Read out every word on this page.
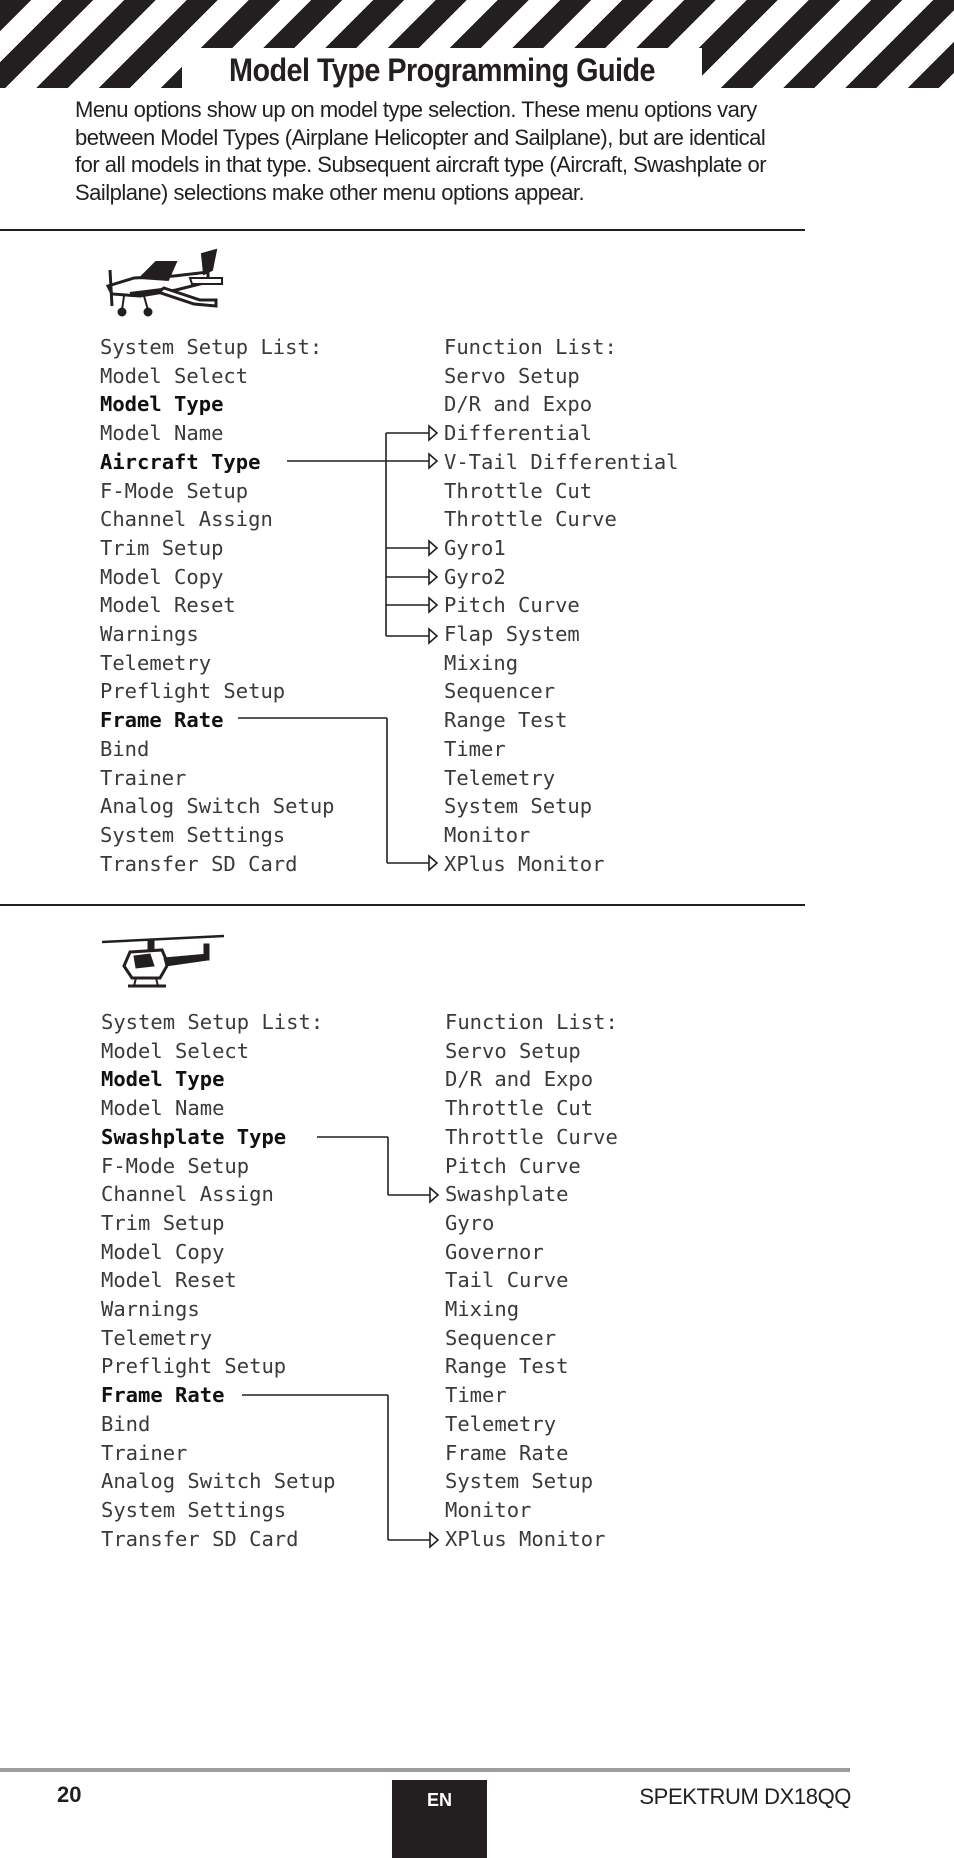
Model Type Programming Guide
Menu options show up on model type selection. These menu options vary between Model Types (Airplane Helicopter and Sailplane), but are identical for all models in that type. Subsequent aircraft type (Aircraft, Swashplate or Sailplane) selections make other menu options appear.
System Setup List:
Model Select
Model Type
Model Name
Aircraft Type
F-Mode Setup
Channel Assign
Trim Setup
Model Copy
Model Reset
Warnings
Telemetry
Preflight Setup
Frame Rate
Bind
Trainer
Analog Switch Setup
System Settings
Transfer SD Card
Function List:
Servo Setup
D/R and Expo
Differential
V-Tail Differential
Throttle Cut
Throttle Curve
Gyro1
Gyro2
Pitch Curve
Flap System
Mixing
Sequencer
Range Test
Timer
Telemetry
System Setup
Monitor
XPlus Monitor
System Setup List:
Model Select
Model Type
Model Name
Swashplate Type
F-Mode Setup
Channel Assign
Trim Setup
Model Copy
Model Reset
Warnings
Telemetry
Preflight Setup
Frame Rate
Bind
Trainer
Analog Switch Setup
System Settings
Transfer SD Card
Function List:
Servo Setup
D/R and Expo
Throttle Cut
Throttle Curve
Pitch Curve
Swashplate
Gyro
Governor
Tail Curve
Mixing
Sequencer
Range Test
Timer
Telemetry
Frame Rate
System Setup
Monitor
XPlus Monitor
20	EN	SPEKTRUM DX18QQ
